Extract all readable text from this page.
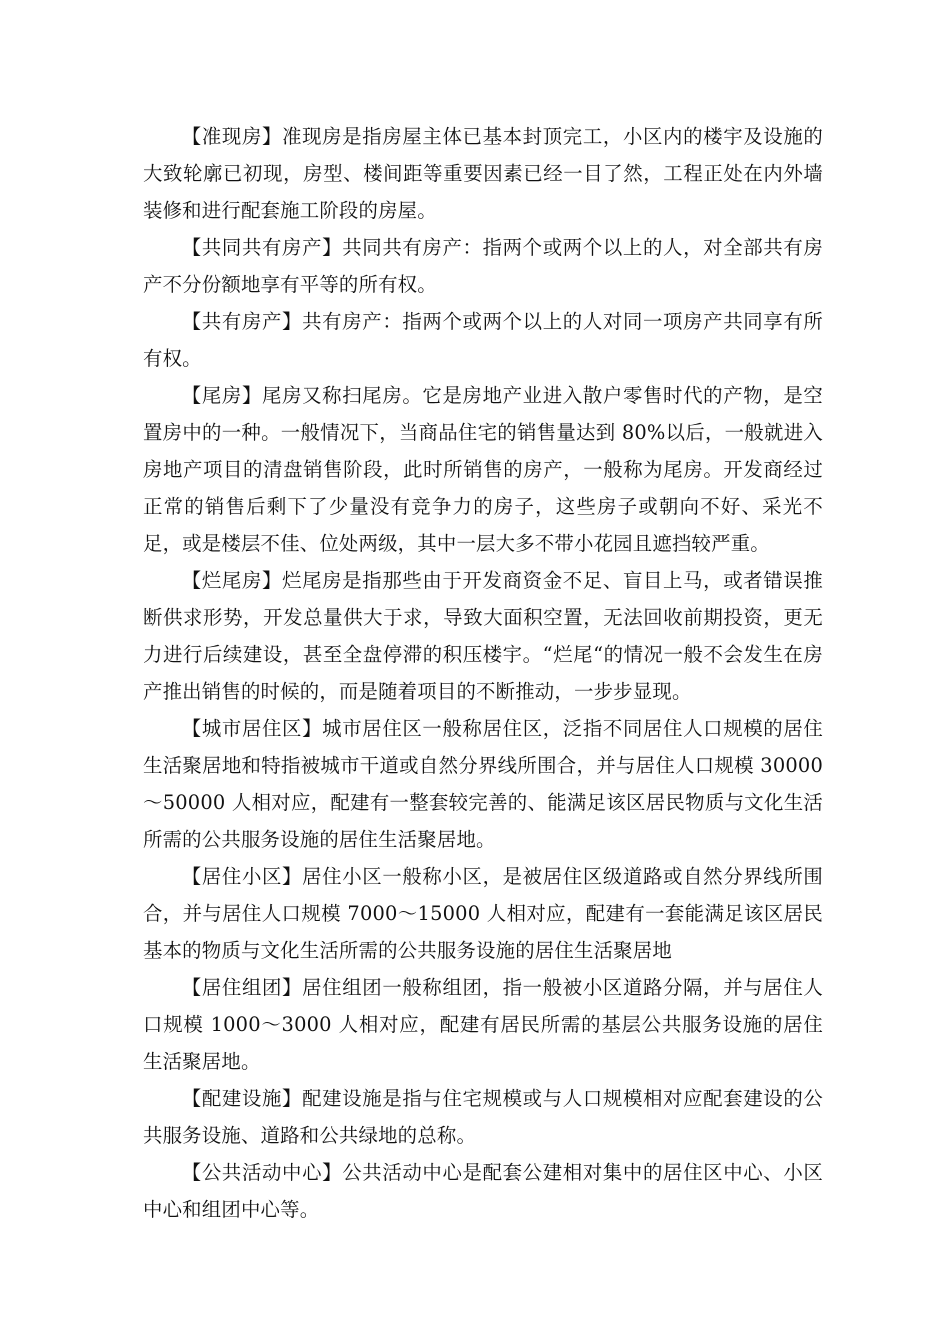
【准现房】准现房是指房屋主体已基本封顶完工，小区内的楼宇及设施的大致轮廓已初现，房型、楼间距等重要因素已经一目了然，工程正处在内外墙装修和进行配套施工阶段的房屋。

【共同共有房产】共同共有房产：指两个或两个以上的人，对全部共有房产不分份额地享有平等的所有权。

【共有房产】共有房产：指两个或两个以上的人对同一项房产共同享有所有权。

【尾房】尾房又称扫尾房。它是房地产业进入散户零售时代的产物，是空置房中的一种。一般情况下，当商品住宅的销售量达到 80%以后，一般就进入房地产项目的清盘销售阶段，此时所销售的房产，一般称为尾房。开发商经过正常的销售后剩下了少量没有竞争力的房子，这些房子或朝向不好、采光不足，或是楼层不佳、位处两级，其中一层大多不带小花园且遮挡较严重。

【烂尾房】烂尾房是指那些由于开发商资金不足、盲目上马，或者错误推断供求形势，开发总量供大于求，导致大面积空置，无法回收前期投资，更无力进行后续建设，甚至全盘停滞的积压楼宇。“烂尾“的情况一般不会发生在房产推出销售的时候的，而是随着项目的不断推动，一步步显现。

【城市居住区】城市居住区一般称居住区，泛指不同居住人口规模的居住生活聚居地和特指被城市干道或自然分界线所围合，并与居住人口规模 30000～50000 人相对应，配建有一整套较完善的、能满足该区居民物质与文化生活所需的公共服务设施的居住生活聚居地。

【居住小区】居住小区一般称小区，是被居住区级道路或自然分界线所围合，并与居住人口规模 7000～15000 人相对应，配建有一套能满足该区居民基本的物质与文化生活所需的公共服务设施的居住生活聚居地

【居住组团】居住组团一般称组团，指一般被小区道路分隔，并与居住人口规模 1000～3000 人相对应，配建有居民所需的基层公共服务设施的居住生活聚居地。

【配建设施】配建设施是指与住宅规模或与人口规模相对应配套建设的公共服务设施、道路和公共绿地的总称。

【公共活动中心】公共活动中心是配套公建相对集中的居住区中心、小区中心和组团中心等。
